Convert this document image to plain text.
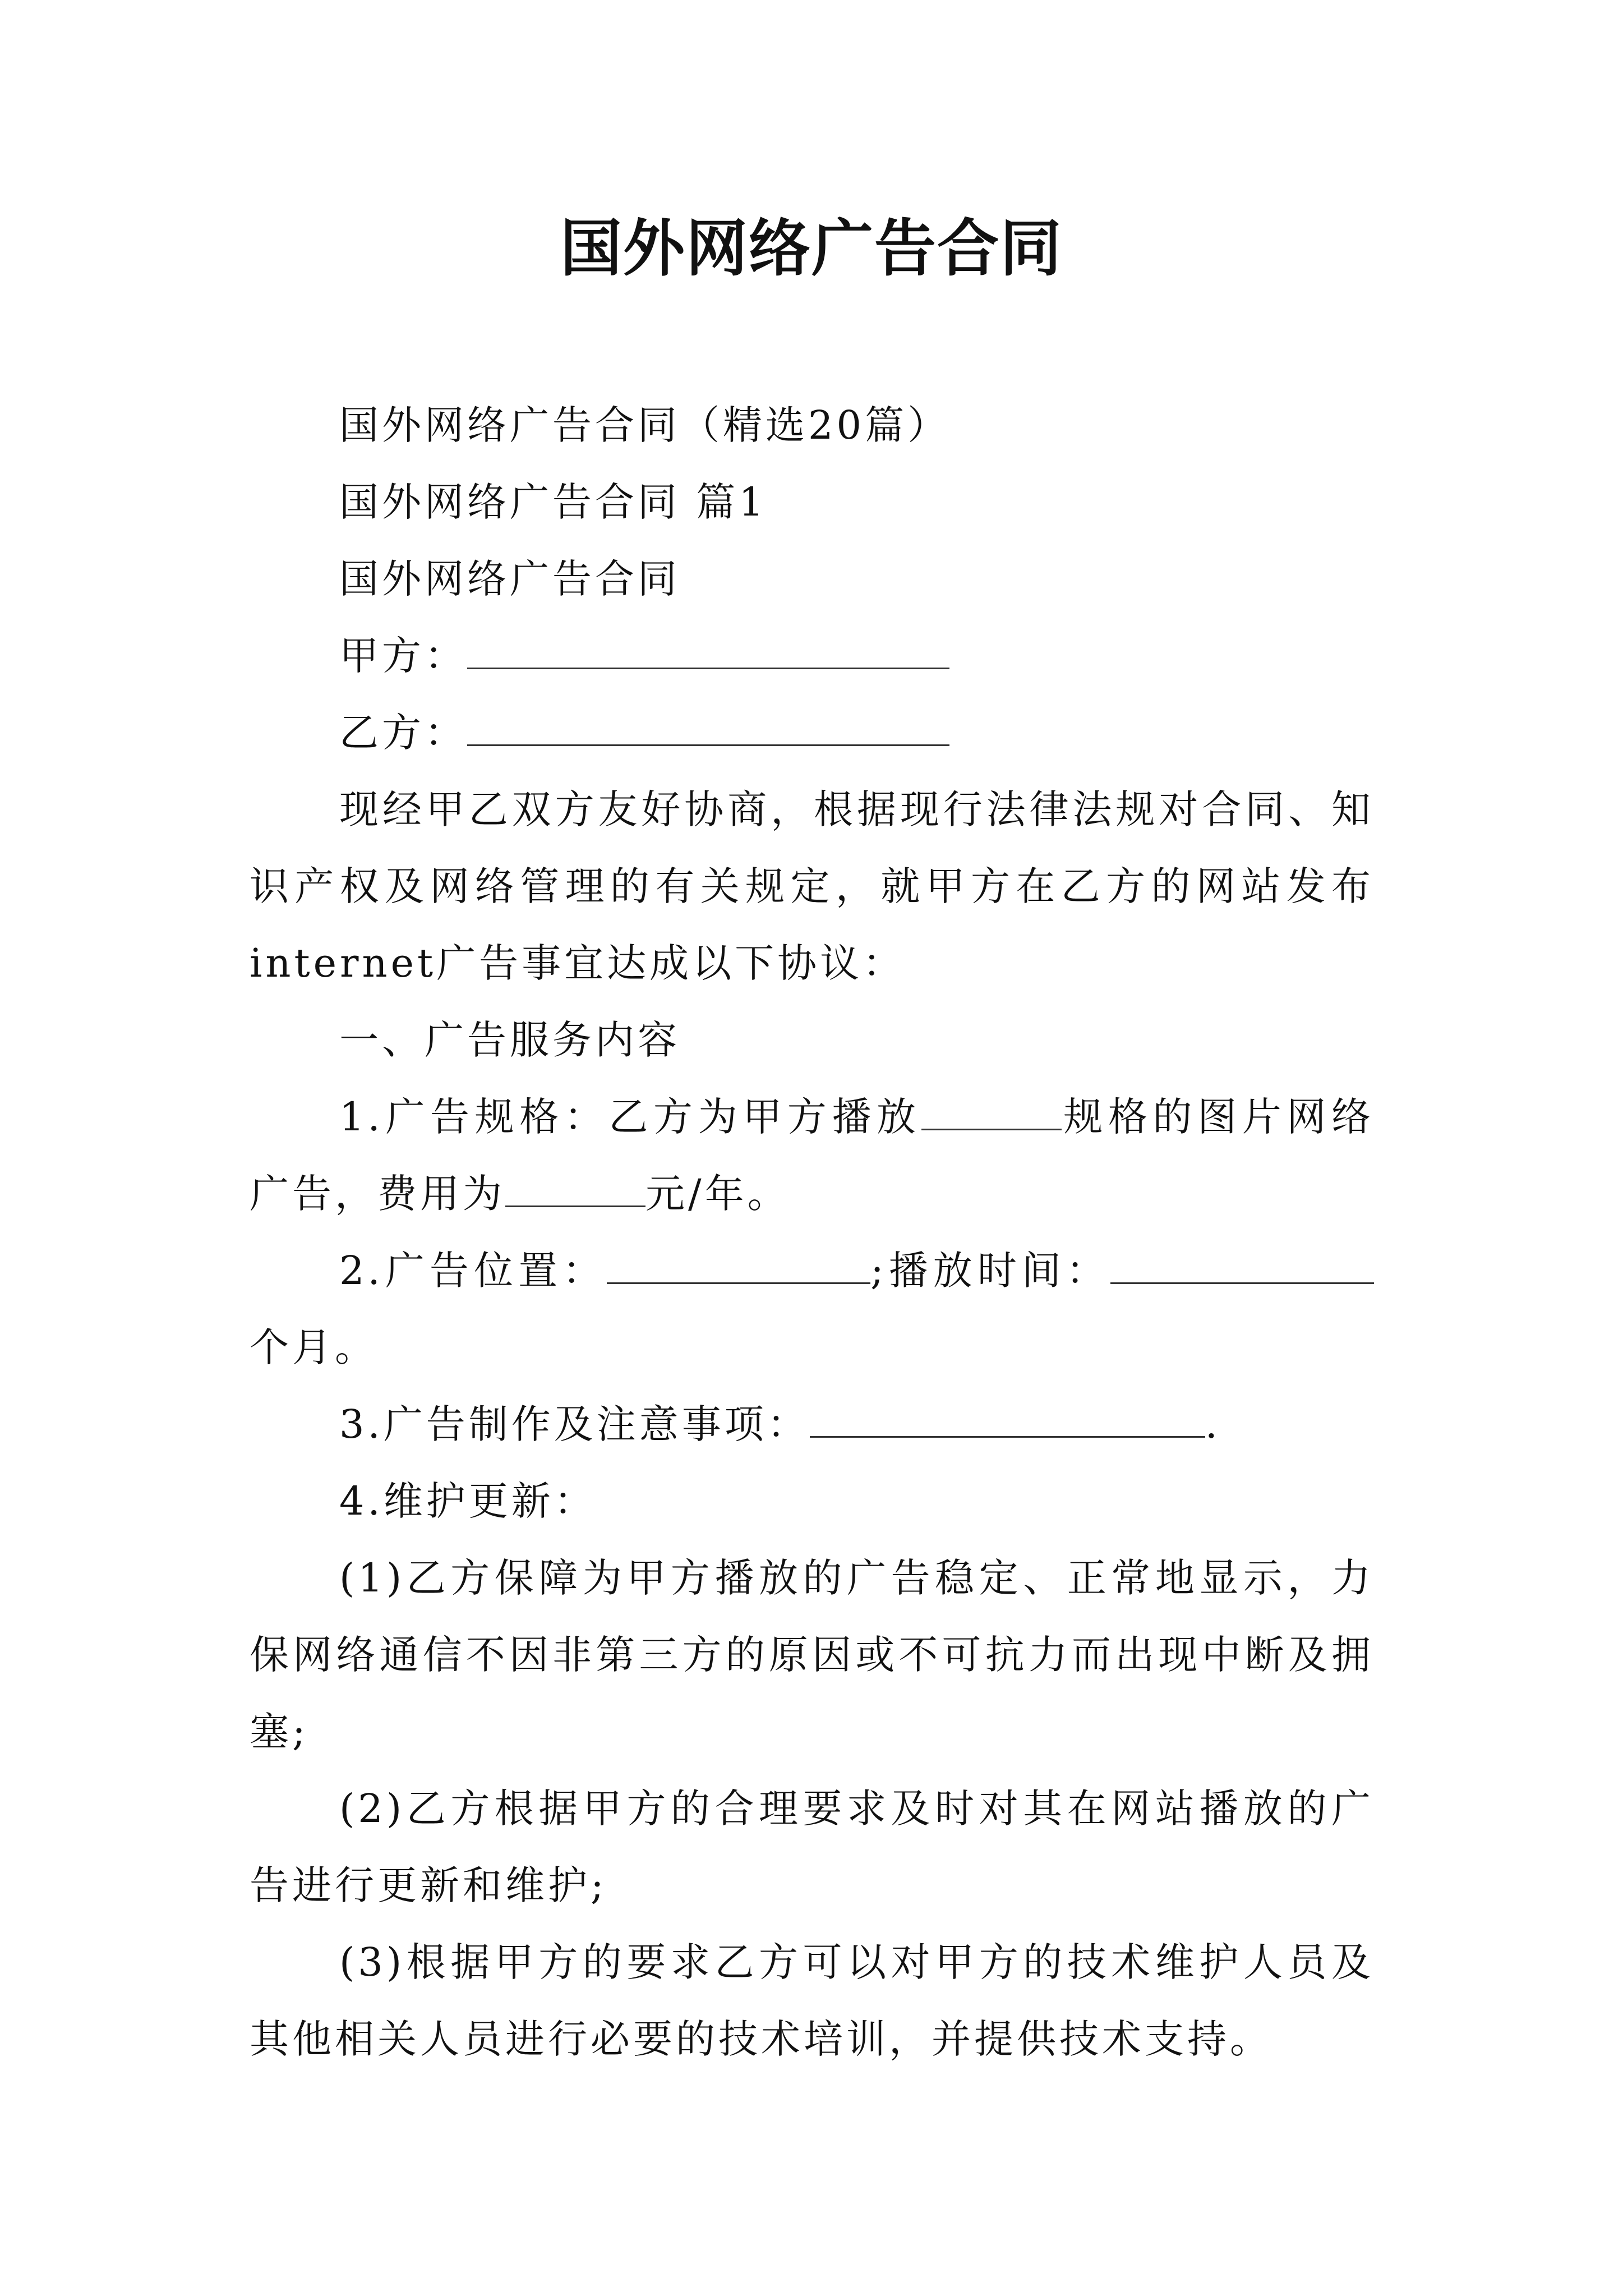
国外网络广告合同

国外网络广告合同（精选20篇）

国外网络广告合同 篇1

国外网络广告合同

甲方：

乙方：

现经甲乙双方友好协商，根据现行法律法规对合同、知识产权及网络管理的有关规定，就甲方在乙方的网站发布internet广告事宜达成以下协议：

一、广告服务内容

1.广告规格：乙方为甲方播放	规格的图片网络广告，费用为	元/年。

2.广告位置：	;播放时间：个月。

3.广告制作及注意事项：	.

4.维护更新：

(1)乙方保障为甲方播放的广告稳定、正常地显示，力保网络通信不因非第三方的原因或不可抗力而出现中断及拥塞;

(2)乙方根据甲方的合理要求及时对其在网站播放的广告进行更新和维护;

(3)根据甲方的要求乙方可以对甲方的技术维护人员及其他相关人员进行必要的技术培训，并提供技术支持。
